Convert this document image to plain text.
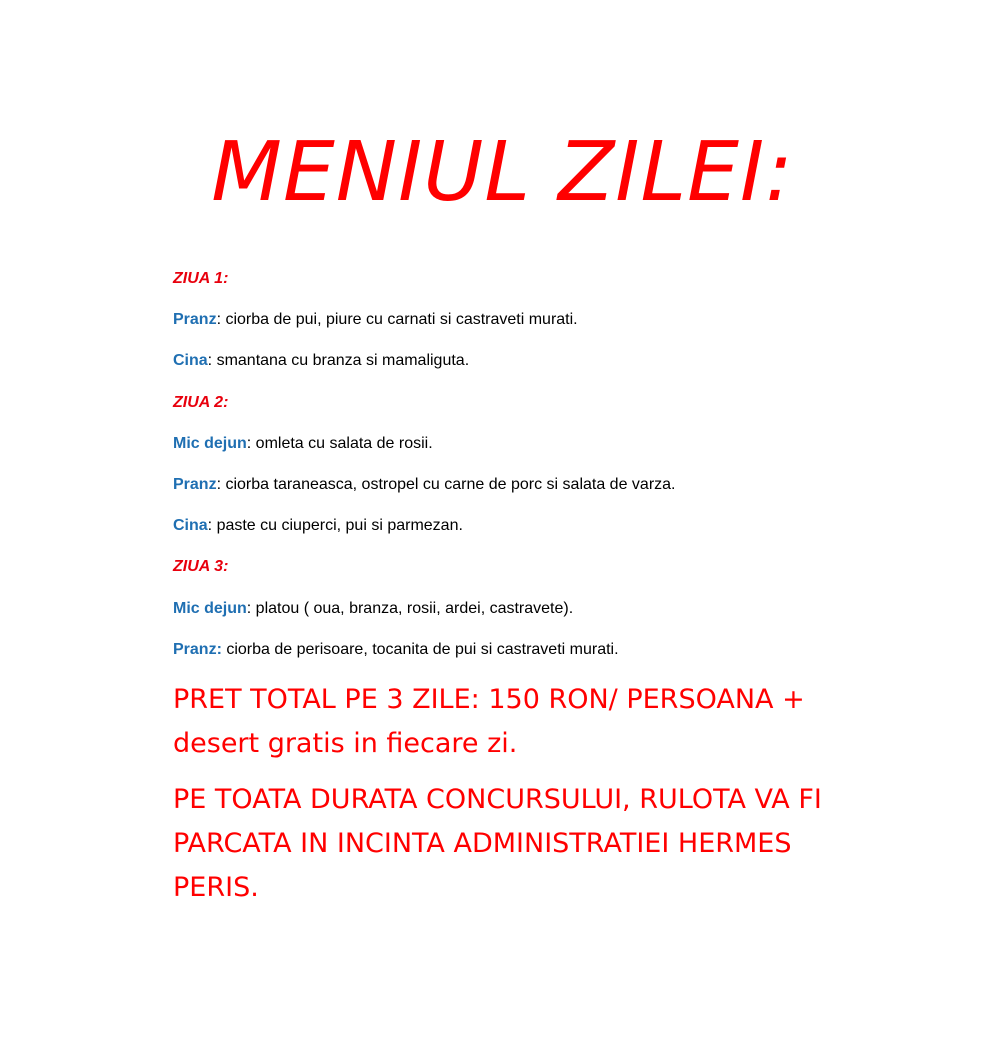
MENIUL ZILEI:
ZIUA 1:
Pranz: ciorba de pui, piure cu carnati si castraveti murati.
Cina: smantana cu branza si mamaliguta.
ZIUA 2:
Mic dejun: omleta cu salata de rosii.
Pranz: ciorba taraneasca, ostropel cu carne de porc si salata de varza.
Cina: paste cu ciuperci, pui si parmezan.
ZIUA 3:
Mic dejun: platou ( oua, branza, rosii, ardei, castravete).
Pranz: ciorba de perisoare, tocanita de pui si castraveti murati.

PRET TOTAL PE 3 ZILE: 150 RON/ PERSOANA + desert gratis in fiecare zi.

PE TOATA DURATA CONCURSULUI, RULOTA VA FI PARCATA IN INCINTA ADMINISTRATIEI HERMES PERIS.
